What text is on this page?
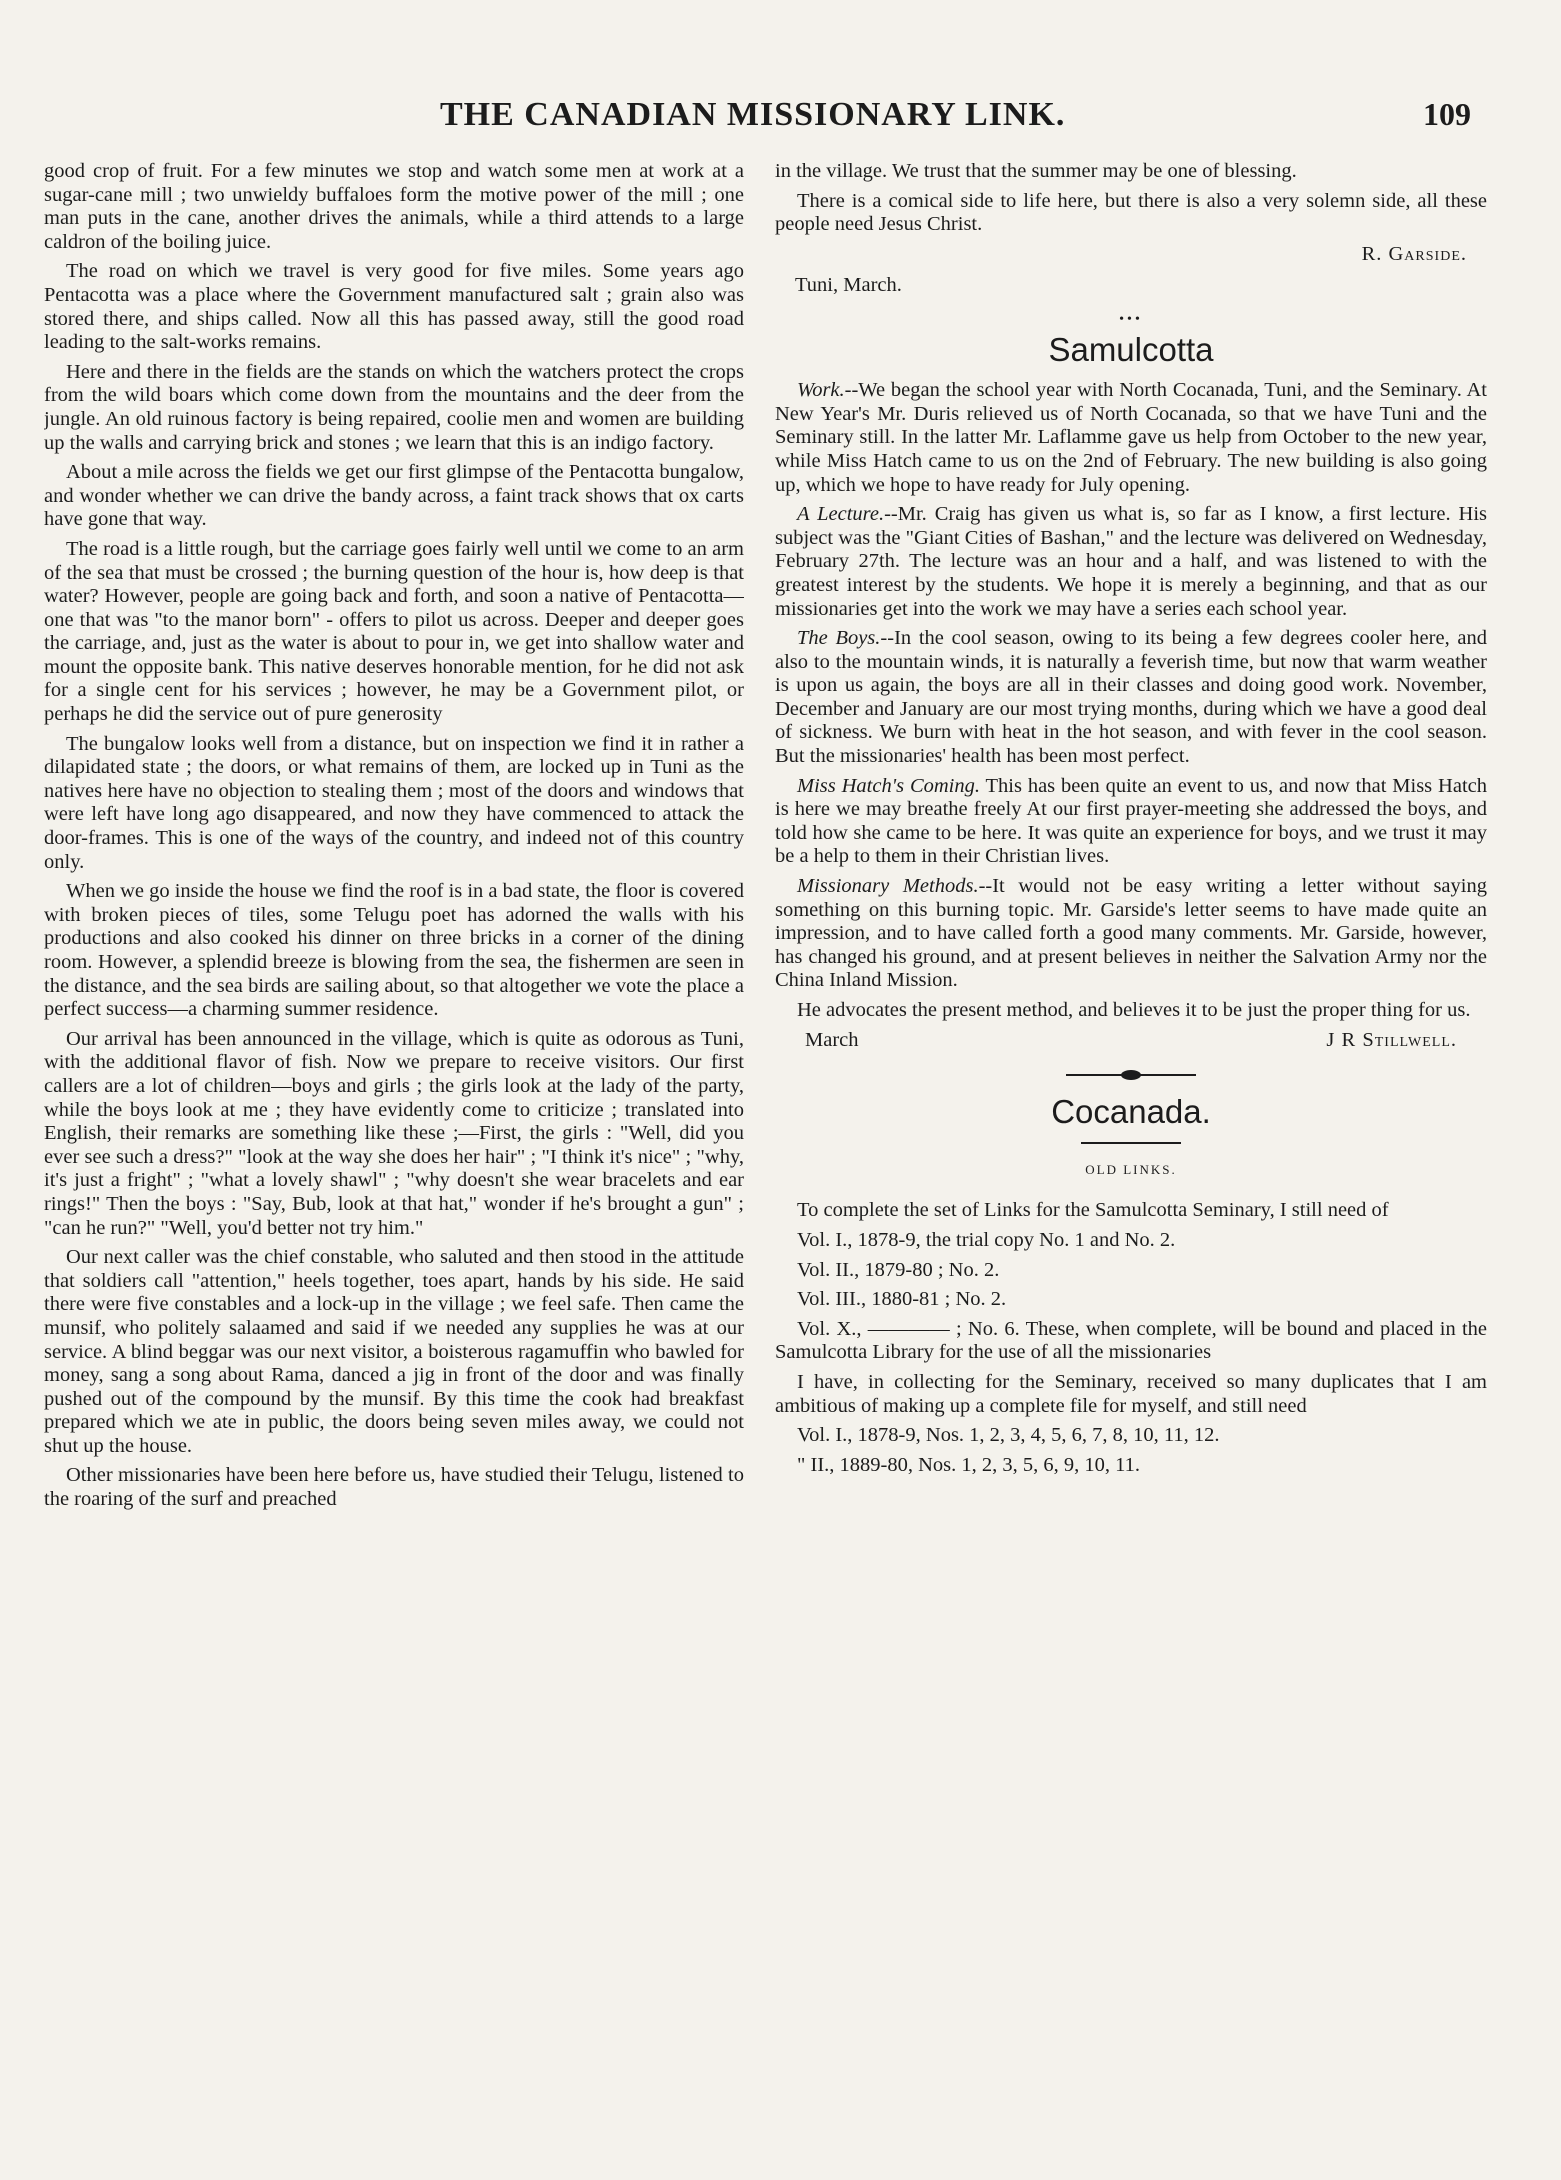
THE CANADIAN MISSIONARY LINK.	109

good crop of fruit. For a few minutes we stop and watch some men at work at a sugar-cane mill ; two unwieldy buffaloes form the motive power of the mill ; one man puts in the cane, another drives the animals, while a third attends to a large caldron of the boiling juice.

The road on which we travel is very good for five miles. Some years ago Pentacotta was a place where the Government manufactured salt ; grain also was stored there, and ships called. Now all this has passed away, still the good road leading to the salt-works remains.

Here and there in the fields are the stands on which the watchers protect the crops from the wild boars which come down from the mountains and the deer from the jungle. An old ruinous factory is being repaired, coolie men and women are building up the walls and carrying brick and stones ; we learn that this is an indigo factory.

About a mile across the fields we get our first glimpse of the Pentacotta bungalow, and wonder whether we can drive the bandy across, a faint track shows that ox carts have gone that way.

The road is a little rough, but the carriage goes fairly well until we come to an arm of the sea that must be crossed ; the burning question of the hour is, how deep is that water? However, people are going back and forth, and soon a native of Pentacotta—one that was "to the manor born" - offers to pilot us across. Deeper and deeper goes the carriage, and, just as the water is about to pour in, we get into shallow water and mount the opposite bank. This native deserves honorable mention, for he did not ask for a single cent for his services ; however, he may be a Government pilot, or perhaps he did the service out of pure generosity

The bungalow looks well from a distance, but on inspection we find it in rather a dilapidated state ; the doors, or what remains of them, are locked up in Tuni as the natives here have no objection to stealing them ; most of the doors and windows that were left have long ago disappeared, and now they have commenced to attack the door-frames. This is one of the ways of the country, and indeed not of this country only.

When we go inside the house we find the roof is in a bad state, the floor is covered with broken pieces of tiles, some Telugu poet has adorned the walls with his productions and also cooked his dinner on three bricks in a corner of the dining room. However, a splendid breeze is blowing from the sea, the fishermen are seen in the distance, and the sea birds are sailing about, so that altogether we vote the place a perfect success—a charming summer residence.

Our arrival has been announced in the village, which is quite as odorous as Tuni, with the additional flavor of fish. Now we prepare to receive visitors. Our first callers are a lot of children—boys and girls ; the girls look at the lady of the party, while the boys look at me ; they have evidently come to criticize ; translated into English, their remarks are something like these ;—First, the girls : "Well, did you ever see such a dress?" "look at the way she does her hair" ; "I think it's nice" ; "why, it's just a fright" ; "what a lovely shawl" ; "why doesn't she wear bracelets and ear rings!" Then the boys : "Say, Bub, look at that hat," wonder if he's brought a gun" ; "can he run?" "Well, you'd better not try him."

Our next caller was the chief constable, who saluted and then stood in the attitude that soldiers call "attention," heels together, toes apart, hands by his side. He said there were five constables and a lock-up in the village ; we feel safe. Then came the munsif, who politely salaamed and said if we needed any supplies he was at our service. A blind beggar was our next visitor, a boisterous ragamuffin who bawled for money, sang a song about Rama, danced a jig in front of the door and was finally pushed out of the compound by the munsif. By this time the cook had breakfast prepared which we ate in public, the doors being seven miles away, we could not shut up the house.

Other missionaries have been here before us, have studied their Telugu, listened to the roaring of the surf and preached

in the village. We trust that the summer may be one of blessing.

There is a comical side to life here, but there is also a very solemn side, all these people need Jesus Christ.

R. Garside.
Tuni, March.
•••
Samulcotta

Work.--We began the school year with North Cocanada, Tuni, and the Seminary. At New Year's Mr. Duris relieved us of North Cocanada, so that we have Tuni and the Seminary still. In the latter Mr. Laflamme gave us help from October to the new year, while Miss Hatch came to us on the 2nd of February. The new building is also going up, which we hope to have ready for July opening.

A Lecture.--Mr. Craig has given us what is, so far as I know, a first lecture. His subject was the "Giant Cities of Bashan," and the lecture was delivered on Wednesday, February 27th. The lecture was an hour and a half, and was listened to with the greatest interest by the students. We hope it is merely a beginning, and that as our missionaries get into the work we may have a series each school year.

The Boys.--In the cool season, owing to its being a few degrees cooler here, and also to the mountain winds, it is naturally a feverish time, but now that warm weather is upon us again, the boys are all in their classes and doing good work. November, December and January are our most trying months, during which we have a good deal of sickness. We burn with heat in the hot season, and with fever in the cool season. But the missionaries' health has been most perfect.

Miss Hatch's Coming. This has been quite an event to us, and now that Miss Hatch is here we may breathe freely At our first prayer-meeting she addressed the boys, and told how she came to be here. It was quite an experience for boys, and we trust it may be a help to them in their Christian lives.

Missionary Methods.--It would not be easy writing a letter without saying something on this burning topic. Mr. Garside's letter seems to have made quite an impression, and to have called forth a good many comments. Mr. Garside, however, has changed his ground, and at present believes in neither the Salvation Army nor the China Inland Mission.

He advocates the present method, and believes it to be just the proper thing for us.

March	J R Stillwell.
Cocanada.
OLD LINKS.

To complete the set of Links for the Samulcotta Seminary, I still need of

Vol. I., 1878-9, the trial copy No. 1 and No. 2.

Vol. II., 1879-80 ; No. 2.

Vol. III., 1880-81 ; No. 2.

Vol. X., ———— ; No. 6. These, when complete, will be bound and placed in the Samulcotta Library for the use of all the missionaries

I have, in collecting for the Seminary, received so many duplicates that I am ambitious of making up a complete file for myself, and still need

Vol. I., 1878-9, Nos. 1, 2, 3, 4, 5, 6, 7, 8, 10, 11, 12.

" II., 1889-80, Nos. 1, 2, 3, 5, 6, 9, 10, 11.
